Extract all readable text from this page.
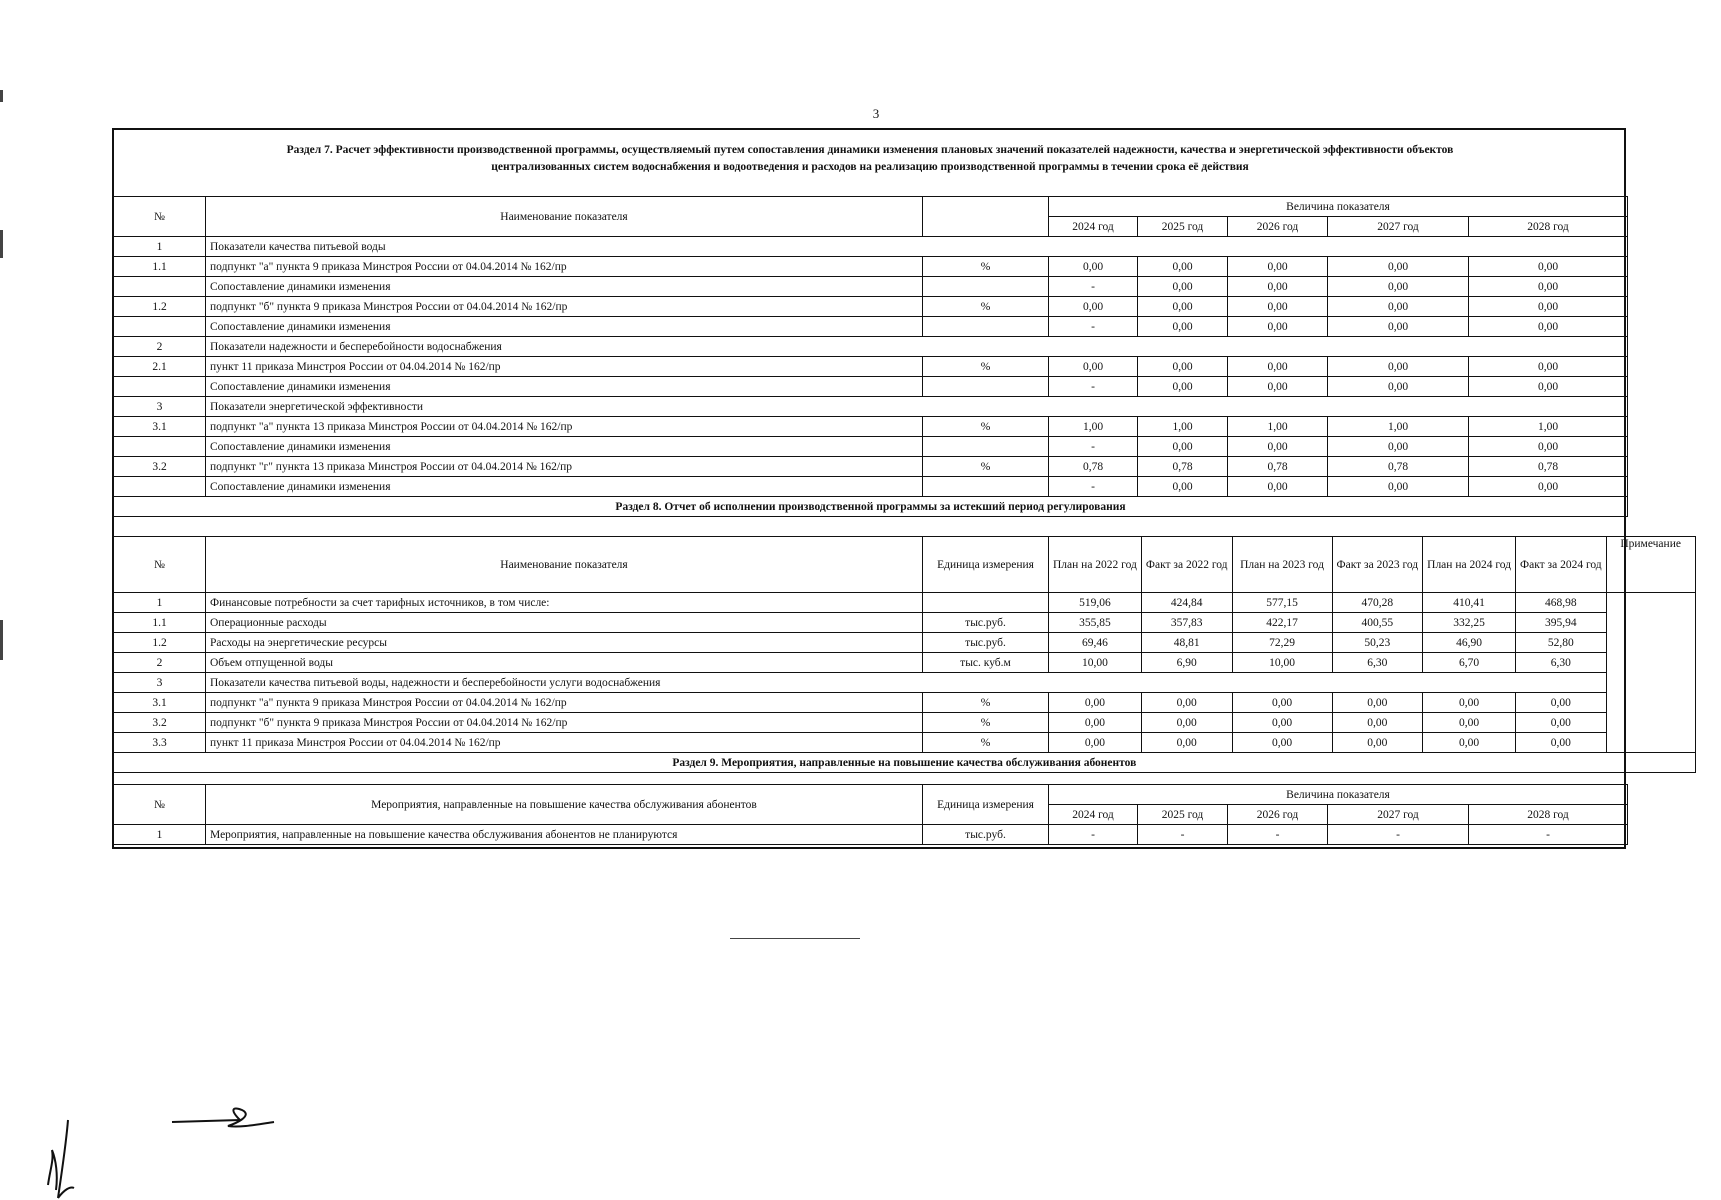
3
Раздел 7. Расчет эффективности производственной программы, осуществляемый путем сопоставления динамики изменения плановых значений показателей надежности, качества и энергетической эффективности объектов
централизованных систем водоснабжения и водоотведения и расходов на реализацию производственной программы в течении срока её действия
№	Наименование показателя		Величина показателя				
			2024 год	2025 год	2026 год	2027 год	2028 год
1	Показатели качества питьевой воды						
1.1	подпункт "а" пункта 9 приказа Минстроя России от 04.04.2014 № 162/пр	%	0,00	0,00	0,00	0,00	0,00
	Сопоставление динамики изменения		-	0,00	0,00	0,00	0,00
1.2	подпункт "б" пункта 9 приказа Минстроя России от 04.04.2014 № 162/пр	%	0,00	0,00	0,00	0,00	0,00
	Сопоставление динамики изменения		-	0,00	0,00	0,00	0,00
2	Показатели надежности и бесперебойности водоснабжения						
2.1	пункт 11 приказа Минстроя России от 04.04.2014 № 162/пр	%	0,00	0,00	0,00	0,00	0,00
	Сопоставление динамики изменения		-	0,00	0,00	0,00	0,00
3	Показатели энергетической эффективности						
3.1	подпункт "а" пункта 13 приказа Минстроя России от 04.04.2014 № 162/пр	%	1,00	1,00	1,00	1,00	1,00
	Сопоставление динамики изменения		-	0,00	0,00	0,00	0,00
3.2	подпункт "г" пункта 13 приказа Минстроя России от 04.04.2014 № 162/пр	%	0,78	0,78	0,78	0,78	0,78
	Сопоставление динамики изменения		-	0,00	0,00	0,00	0,00
Раздел 8. Отчет об исполнении производственной программы за истекший период регулирования							
№	Наименование показателя	Единица измерения	План на 2022 год	Факт за 2022 год	План на 2023 год	Факт за 2023 год	План на 2024 год	Факт за 2024 год	Примечание
1	Финансовые потребности за счет тарифных источников, в том числе:		519,06	424,84	577,15	470,28	410,41	468,98	
1.1	Операционные расходы	тыс.руб.	355,85	357,83	422,17	400,55	332,25	395,94	
1.2	Расходы на энергетические ресурсы	тыс.руб.	69,46	48,81	72,29	50,23	46,90	52,80	
2	Объем отпущенной воды	тыс. куб.м	10,00	6,90	10,00	6,30	6,70	6,30	
3	Показатели качества питьевой воды, надежности и бесперебойности услуги водоснабжения								
3.1	подпункт "а" пункта 9 приказа Минстроя России от 04.04.2014 № 162/пр	%	0,00	0,00	0,00	0,00	0,00	0,00	
3.2	подпункт "б" пункта 9 приказа Минстроя России от 04.04.2014 № 162/пр	%	0,00	0,00	0,00	0,00	0,00	0,00	
3.3	пункт 11 приказа Минстроя России от 04.04.2014 № 162/пр	%	0,00	0,00	0,00	0,00	0,00	0,00	
Раздел 9. Мероприятия, направленные на повышение качества обслуживания абонентов									
№	Мероприятия, направленные на повышение качества обслуживания абонентов	Единица измерения	Величина показателя				
			2024 год	2025 год	2026 год	2027 год	2028 год
1	Мероприятия, направленные на повышение качества обслуживания абонентов не планируются	тыс.руб.	-	-	-	-	-
